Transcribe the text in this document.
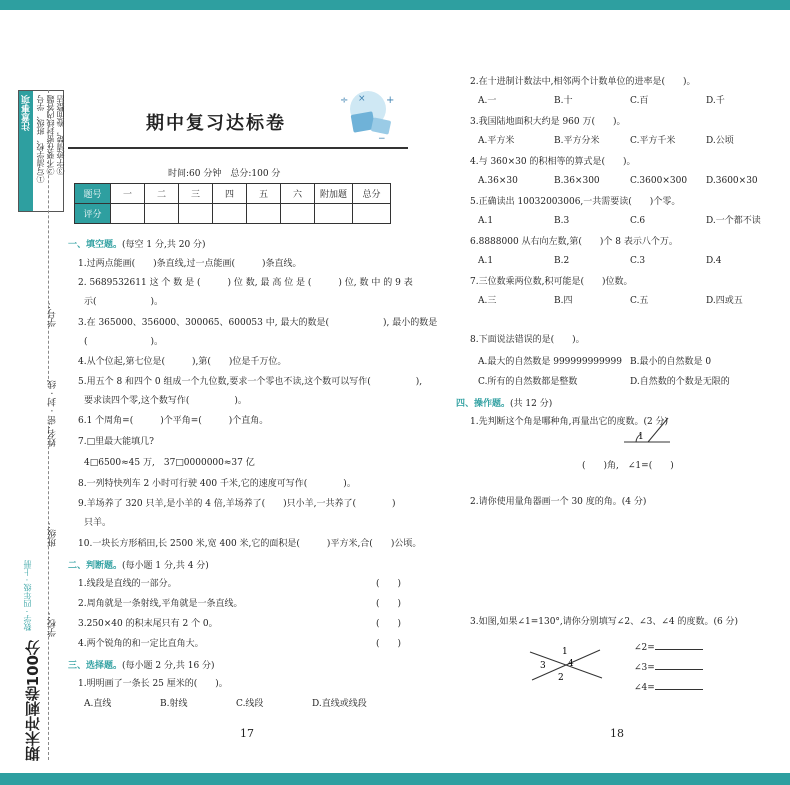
注意事项 ①写清学校、班级、学号 ②不要在密封线内答题 ③字迹清楚，卷面整洁
学号：
密 · 封 · 线
姓名：
班级：
数学 · 四年级 · 上册 学校：
期末冲刺卷100分
期中复习达标卷
÷	+
×
−
时间:60 分钟　总分:100 分
题号	一	二	三	四	五	六	附加题	总分
评分								
一、填空题。(每空 1 分,共 20 分)
1.过两点能画(　　)条直线,过一点能画(　　　)条直线。
2. 5689532611 这 个 数 是 (　　　) 位 数, 最 高 位 是 (　　　) 位, 数 中 的 9 表
示(　　　　　　)。
3.在 365000、356000、300065、600053 中, 最大的数是(　　　　　　), 最小的数是
(　　　　　　　)。
4.从个位起,第七位是(　　　),第(　　)位是千万位。
5.用五个 8 和四个 0 组成一个九位数,要求一个零也不读,这个数可以写作(　　　　　),
要求读四个零,这个数写作(　　　　　)。
6.1 个周角=(　　　)个平角=(　　　)个直角。
7.□里最大能填几?
4□6500≈45 万,　37□0000000≈37 亿
8.一列特快列车 2 小时可行驶 400 千米,它的速度可写作(　　　　)。
9.羊场养了 320 只羊,是小羊的 4 倍,羊场养了(　　)只小羊,一共养了(　　　　)
只羊。
10.一块长方形稻田,长 2500 米,宽 400 米,它的面积是(　　　)平方米,合(　　)公顷。
二、判断题。(每小题 1 分,共 4 分)
1.线段是直线的一部分。	(　　)
2.周角就是一条射线,平角就是一条直线。	(　　)
3.250×40 的积末尾只有 2 个 0。	(　　)
4.两个锐角的和一定比直角大。	(　　)
三、选择题。(每小题 2 分,共 16 分)
1.明明画了一条长 25 厘米的(　　)。
A.直线	B.射线	C.线段	D.直线或线段
17
2.在十进制计数法中,相邻两个计数单位的进率是(　　)。
A.一	B.十	C.百	D.千
3.我国陆地面积大约是 960 万(　　)。
A.平方米	B.平方分米	C.平方千米	D.公顷
4.与 360×30 的积相等的算式是(　　)。
A.36×30	B.36×300	C.3600×300 D.3600×30
5.正确读出 10032003006,一共需要读(　　)个零。
A.1	B.3	C.6	D.一个都不读
6.8888000 从右向左数,第(　　)个 8 表示八个万。
A.1	B.2	C.3	D.4
7.三位数乘两位数,积可能是(　　)位数。
A.三	B.四	C.五	D.四或五
8.下面说法错误的是(　　)。
A.最大的自然数是 999999999999 B.最小的自然数是 0
C.所有的自然数都是整数	D.自然数的个数是无限的
四、操作题。(共 12 分)
1.先判断这个角是哪种角,再量出它的度数。(2 分)
1
(　　)角,　∠1=(　　)
2.请你使用量角器画一个 30 度的角。(4 分)
3.如图,如果∠1=130°,请你分别填写∠2、∠3、∠4 的度数。(6 分)
1
2
3 4
∠2=
∠3=
∠4=
18
